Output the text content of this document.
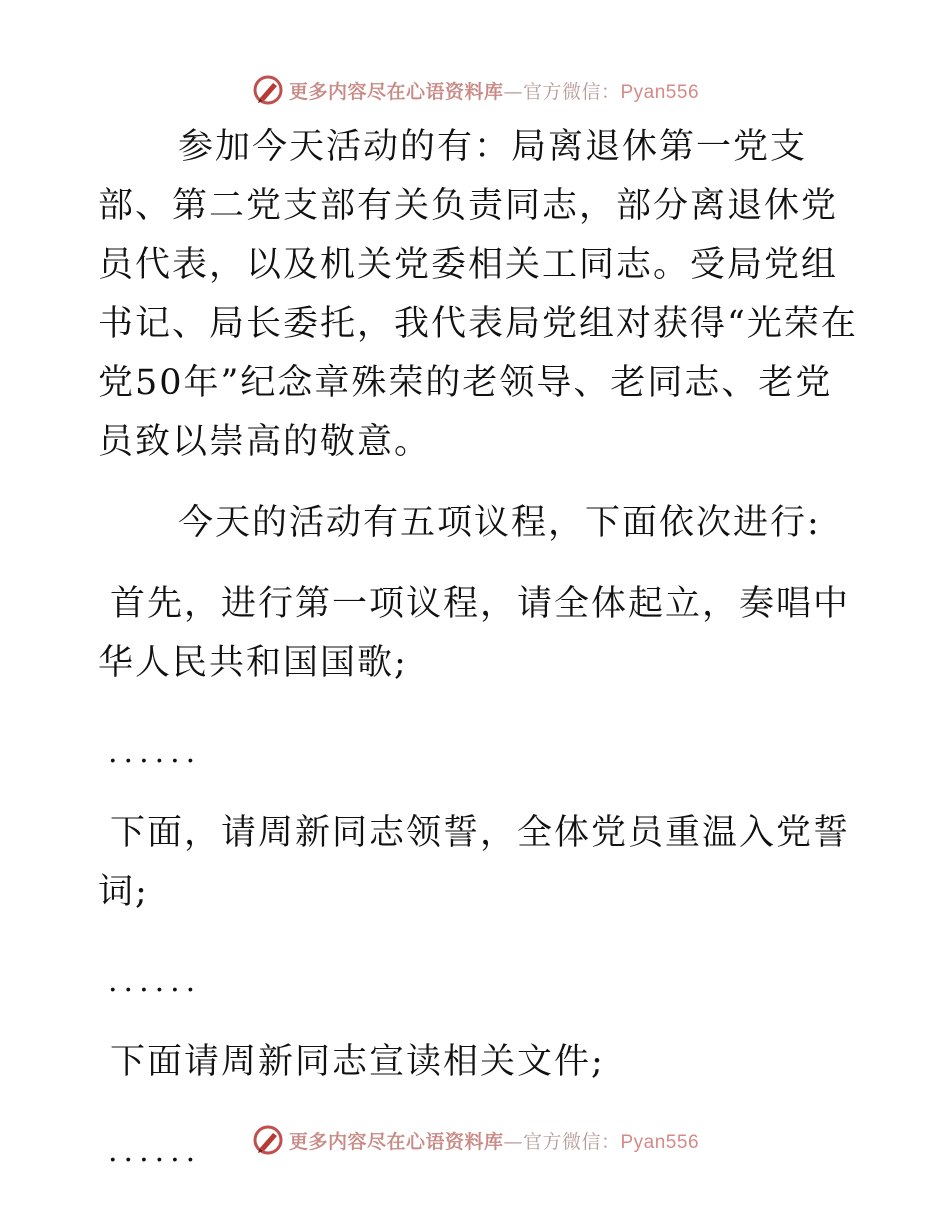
更多内容尽在心语资料库—官方微信：Pyan556

参加今天活动的有：局离退休第一党支部、第二党支部有关负责同志，部分离退休党员代表，以及机关党委相关工同志。受局党组书记、局长委托，我代表局党组对获得“光荣在党50年”纪念章殊荣的老领导、老同志、老党员致以崇高的敬意。

今天的活动有五项议程，下面依次进行:

首先，进行第一项议程，请全体起立，奏唱中华人民共和国国歌;

......

下面，请周新同志领誓，全体党员重温入党誓词;

......

下面请周新同志宣读相关文件;

......	更多内容尽在心语资料库—官方微信：Pyan556
